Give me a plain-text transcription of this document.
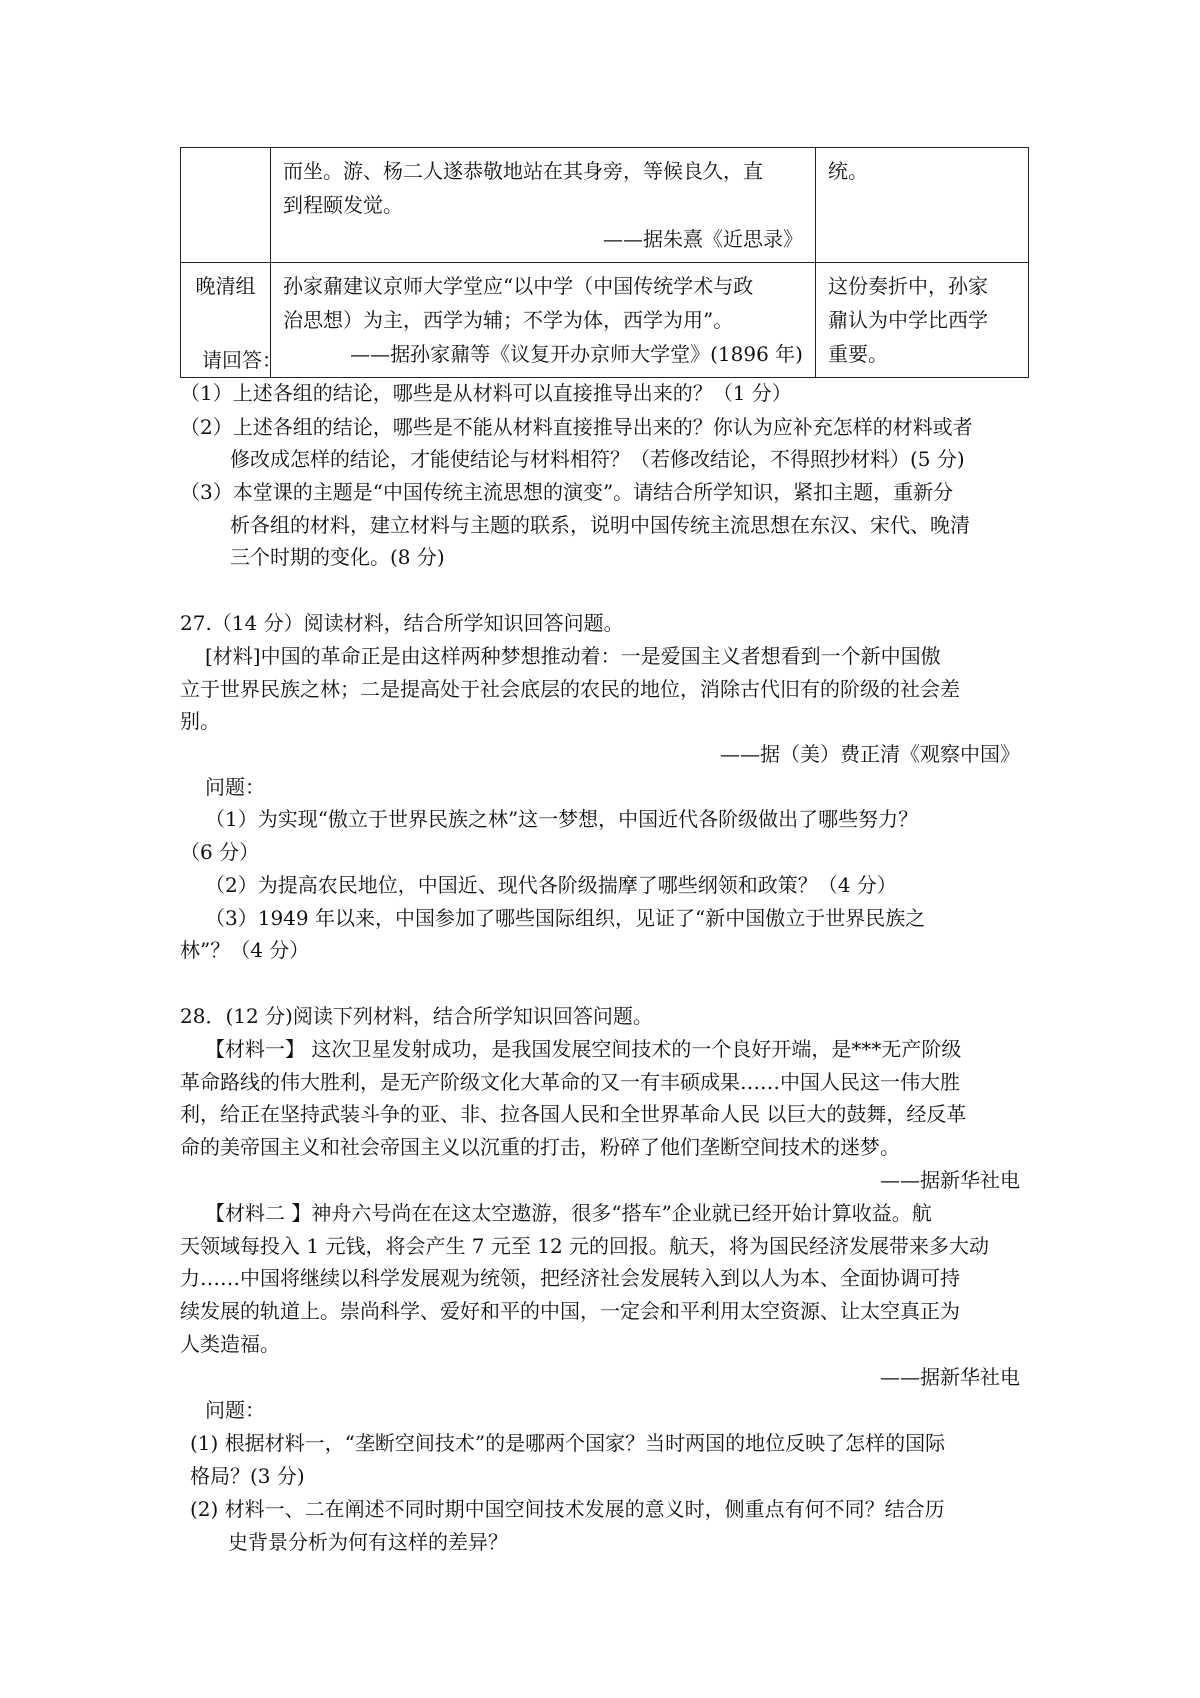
	而坐。游、杨二人遂恭敬地站在其身旁，等候良久，直
到程颐发觉。
——据朱熹《近思录》	统。

晚清组	孙家鼐建议京师大学堂应“以中学（中国传统学术与政
治思想）为主，西学为辅；不学为体，西学为用”。
——据孙家鼐等《议复开办京师大学堂》(1896 年)	这份奏折中，孙家
鼐认为中学比西学
重要。
请回答：
（1）上述各组的结论，哪些是从材料可以直接推导出来的？（1 分）
（2）上述各组的结论，哪些是不能从材料直接推导出来的？你认为应补充怎样的材料或者
修改成怎样的结论，才能使结论与材料相符？（若修改结论，不得照抄材料）(5 分)
（3）本堂课的主题是“中国传统主流思想的演变”。请结合所学知识，紧扣主题，重新分
析各组的材料，建立材料与主题的联系，说明中国传统主流思想在东汉、宋代、晚清
三个时期的变化。(8 分)
27.（14 分）阅读材料，结合所学知识回答问题。
[材料]中国的革命正是由这样两种梦想推动着：一是爱国主义者想看到一个新中国傲
立于世界民族之林；二是提高处于社会底层的农民的地位，消除古代旧有的阶级的社会差
别。
——据（美）费正清《观察中国》
问题：
（1）为实现“傲立于世界民族之林”这一梦想，中国近代各阶级做出了哪些努力？
（6 分）
（2）为提高农民地位，中国近、现代各阶级揣摩了哪些纲领和政策？（4 分）
（3）1949 年以来，中国参加了哪些国际组织，见证了“新中国傲立于世界民族之
林”？（4 分）
28．(12 分)阅读下列材料，结合所学知识回答问题。
【材料一】 这次卫星发射成功，是我国发展空间技术的一个良好开端，是***无产阶级
革命路线的伟大胜利，是无产阶级文化大革命的又一有丰硕成果……中国人民这一伟大胜
利，给正在坚持武装斗争的亚、非、拉各国人民和全世界革命人民 以巨大的鼓舞，经反革
命的美帝国主义和社会帝国主义以沉重的打击，粉碎了他们垄断空间技术的迷梦。
——据新华社电
【材料二 】神舟六号尚在在这太空遨游，很多“搭车”企业就已经开始计算收益。航
天领域每投入 1 元钱，将会产生 7 元至 12 元的回报。航天，将为国民经济发展带来多大动
力……中国将继续以科学发展观为统领，把经济社会发展转入到以人为本、全面协调可持
续发展的轨道上。崇尚科学、爱好和平的中国，一定会和平利用太空资源、让太空真正为
人类造福。
——据新华社电
问题：
(1) 根据材料一，“垄断空间技术”的是哪两个国家？当时两国的地位反映了怎样的国际
格局？(3 分)
(2) 材料一、二在阐述不同时期中国空间技术发展的意义时，侧重点有何不同？结合历
史背景分析为何有这样的差异？
